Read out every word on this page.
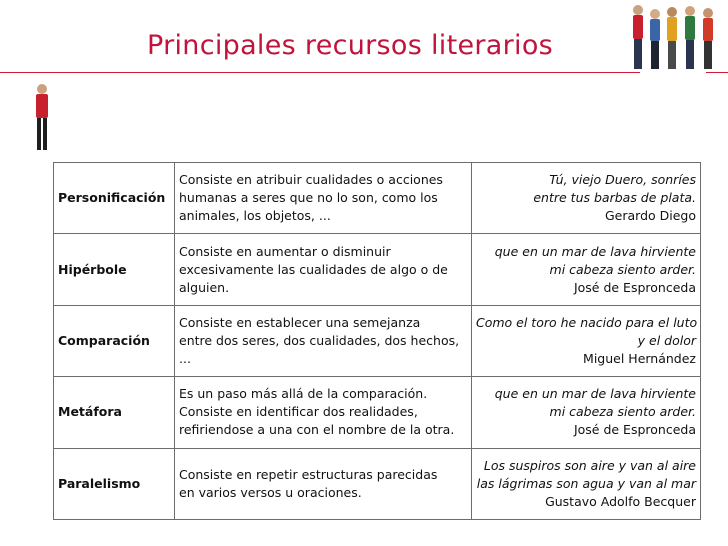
Principales recursos literarios
Personificación	Consiste en atribuir cualidades o acciones
humanas a seres que no lo son, como los
animales, los objetos, ...	Tú, viejo Duero, sonríes
entre tus barbas de plata.
Gerardo Diego

Hipérbole	Consiste en aumentar o disminuir
excesivamente las cualidades de algo o de
alguien.	que en un mar de lava hirviente
mi cabeza siento arder.
José de Espronceda

Comparación	Consiste en establecer una semejanza
entre dos seres, dos cualidades, dos hechos,
...	Como el toro he nacido para el luto
y el dolor
Miguel Hernández

Metáfora	Es un paso más allá de la comparación.
Consiste en identificar dos realidades,
refiriendose a una con el nombre de la otra.	que en un mar de lava hirviente
mi cabeza siento arder.
José de Espronceda

Paralelismo	Consiste en repetir estructuras parecidas
en varios versos u oraciones.	Los suspiros son aire y van al aire
las lágrimas son agua y van al mar
Gustavo Adolfo Becquer
